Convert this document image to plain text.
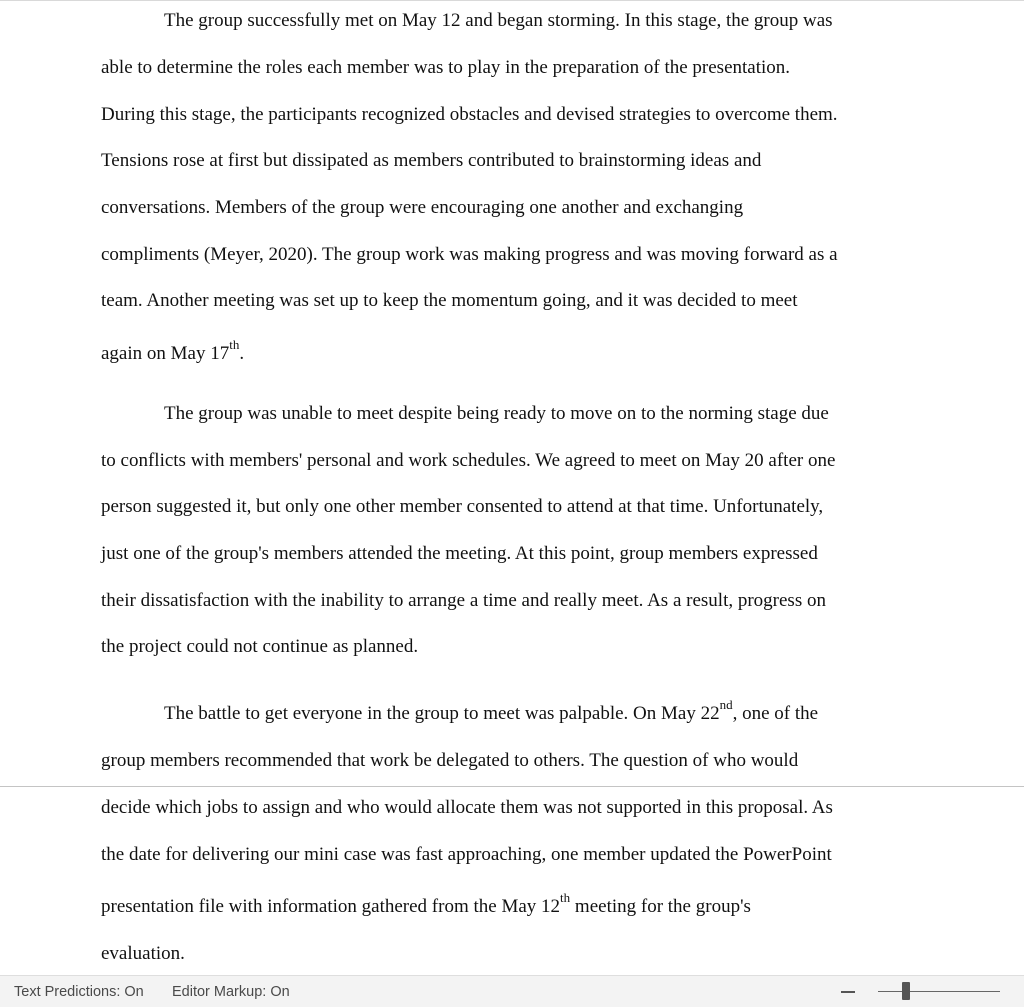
The group successfully met on May 12 and began storming. In this stage, the group was
able to determine the roles each member was to play in the preparation of the presentation.
During this stage, the participants recognized obstacles and devised strategies to overcome them.
Tensions rose at first but dissipated as members contributed to brainstorming ideas and
conversations. Members of the group were encouraging one another and exchanging
compliments (Meyer, 2020). The group work was making progress and was moving forward as a
team. Another meeting was set up to keep the momentum going, and it was decided to meet
again on May 17th.
The group was unable to meet despite being ready to move on to the norming stage due
to conflicts with members' personal and work schedules. We agreed to meet on May 20 after one
person suggested it, but only one other member consented to attend at that time. Unfortunately,
just one of the group's members attended the meeting. At this point, group members expressed
their dissatisfaction with the inability to arrange a time and really meet. As a result, progress on
the project could not continue as planned.
The battle to get everyone in the group to meet was palpable. On May 22nd, one of the
group members recommended that work be delegated to others. The question of who would
decide which jobs to assign and who would allocate them was not supported in this proposal. As
the date for delivering our mini case was fast approaching, one member updated the PowerPoint
presentation file with information gathered from the May 12th meeting for the group's
evaluation.
Text Predictions: On Editor Markup: On
